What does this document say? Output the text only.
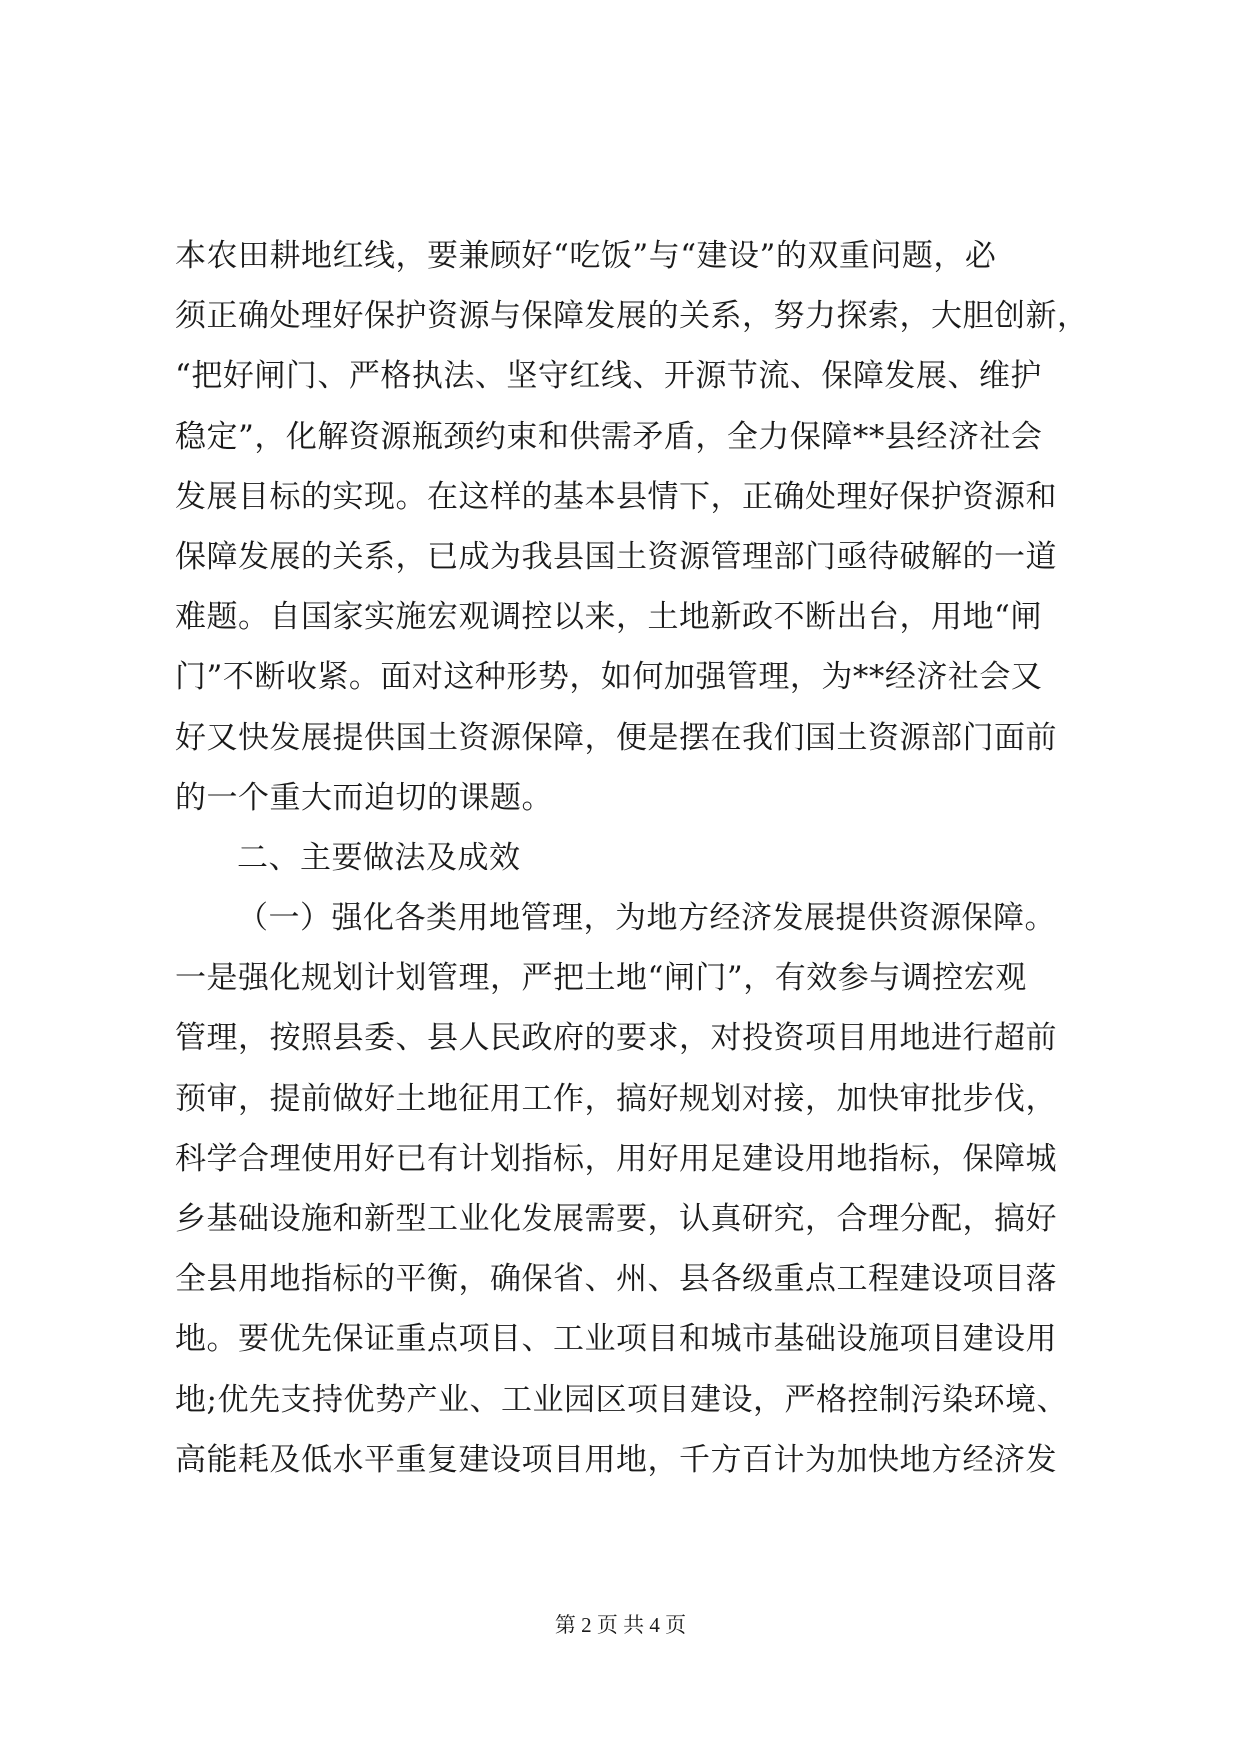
本农田耕地红线，要兼顾好“吃饭”与“建设”的双重问题，必
须正确处理好保护资源与保障发展的关系，努力探索，大胆创新，
“把好闸门、严格执法、坚守红线、开源节流、保障发展、维护
稳定”，化解资源瓶颈约束和供需矛盾，全力保障**县经济社会
发展目标的实现。在这样的基本县情下，正确处理好保护资源和
保障发展的关系，已成为我县国土资源管理部门亟待破解的一道
难题。自国家实施宏观调控以来，土地新政不断出台，用地“闸
门”不断收紧。面对这种形势，如何加强管理，为**经济社会又
好又快发展提供国土资源保障，便是摆在我们国土资源部门面前
的一个重大而迫切的课题。
二、主要做法及成效
（一）强化各类用地管理，为地方经济发展提供资源保障。
一是强化规划计划管理，严把土地“闸门”，有效参与调控宏观
管理，按照县委、县人民政府的要求，对投资项目用地进行超前
预审，提前做好土地征用工作，搞好规划对接，加快审批步伐，
科学合理使用好已有计划指标，用好用足建设用地指标，保障城
乡基础设施和新型工业化发展需要，认真研究，合理分配，搞好
全县用地指标的平衡，确保省、州、县各级重点工程建设项目落
地。要优先保证重点项目、工业项目和城市基础设施项目建设用
地;优先支持优势产业、工业园区项目建设，严格控制污染环境、
高能耗及低水平重复建设项目用地，千方百计为加快地方经济发
第 2 页 共 4 页
